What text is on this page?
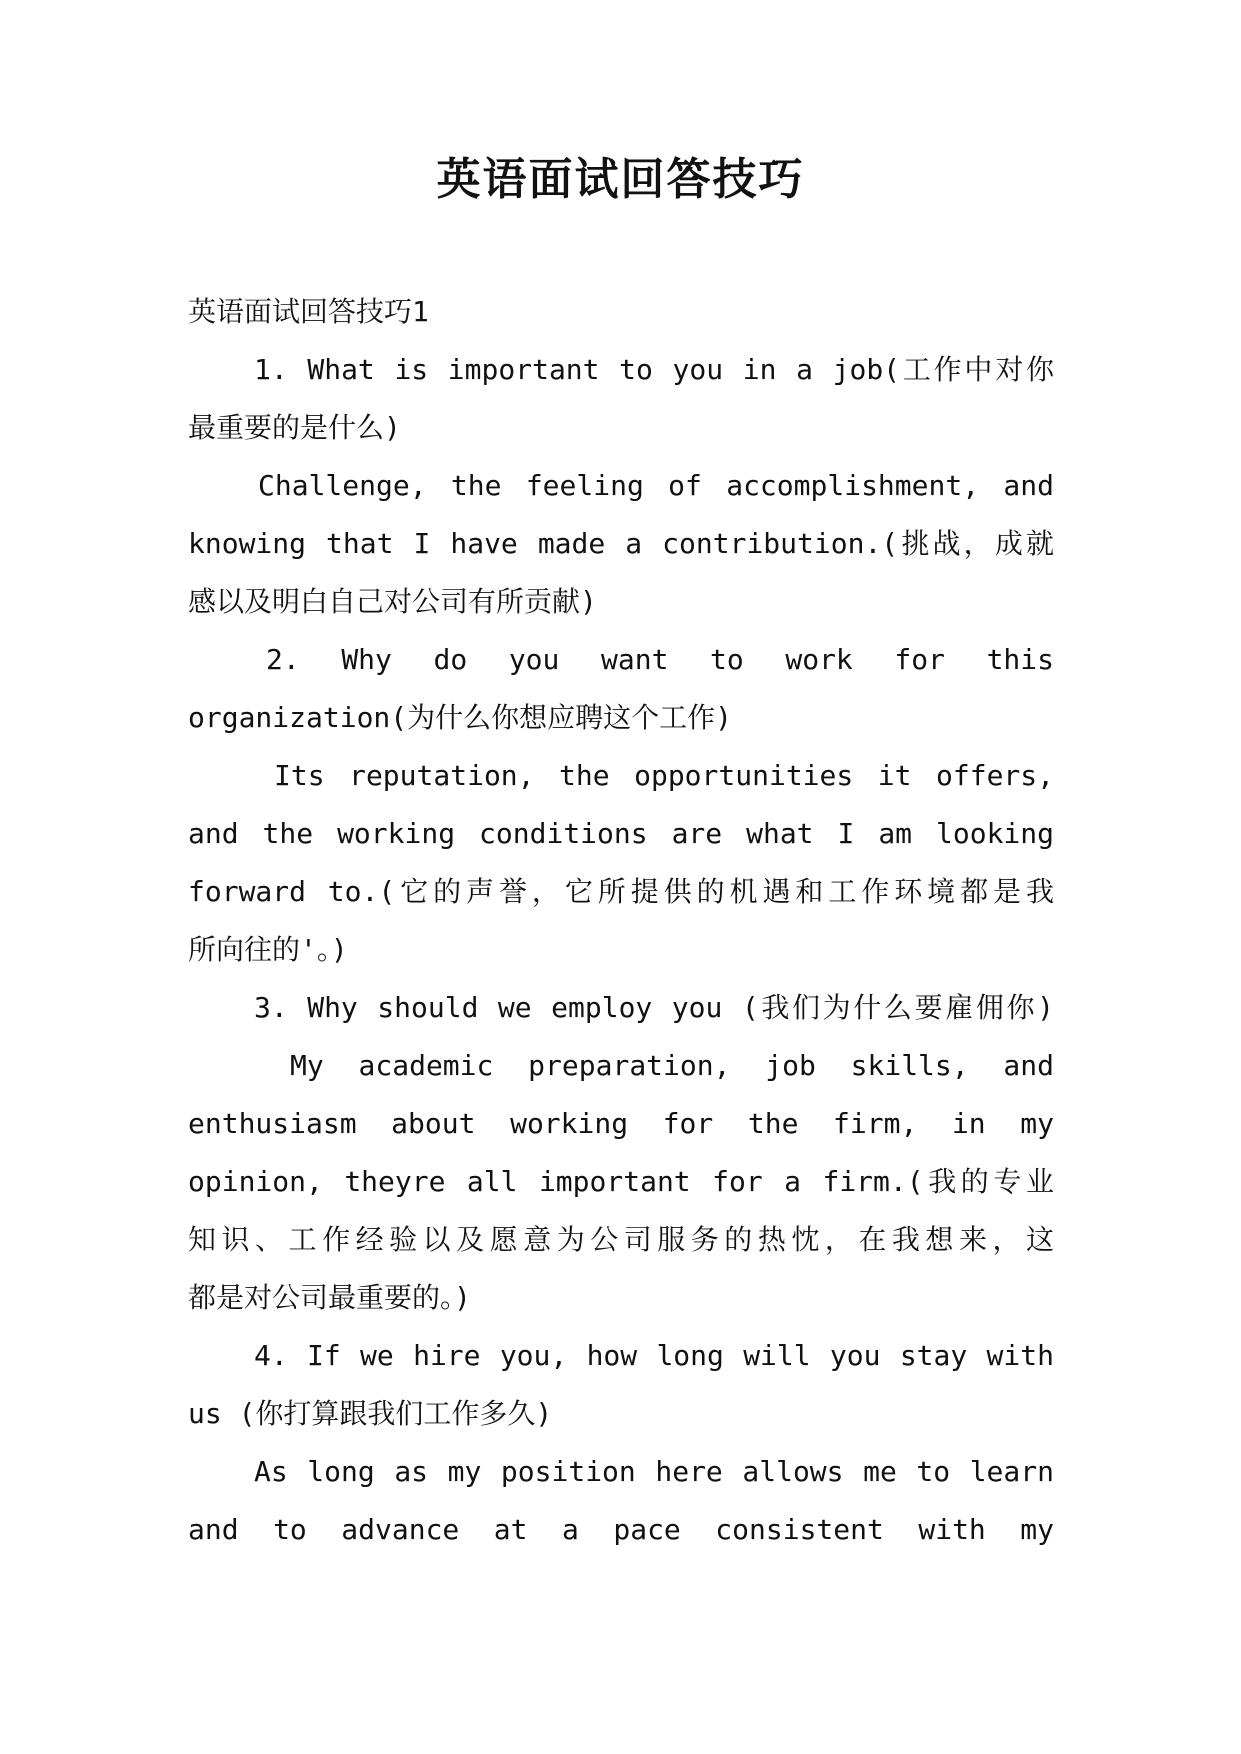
英语面试回答技巧
英语面试回答技巧1
1. What is important to you in a job(工作中对你
最重要的是什么)
Challenge, the feeling of accomplishment, and
knowing that I have made a contribution.(挑战，成就
感以及明白自己对公司有所贡献)
2. Why do you want to work for this
organization(为什么你想应聘这个工作)
Its reputation, the opportunities it offers,
and the working conditions are what I am looking
forward to.(它的声誉，它所提供的机遇和工作环境都是我
所向往的'。)
3. Why should we employ you (我们为什么要雇佣你)
My academic preparation, job skills, and
enthusiasm about working for the firm, in my
opinion, theyre all important for a firm.(我的专业
知识、工作经验以及愿意为公司服务的热忱，在我想来，这
都是对公司最重要的。)
4. If we hire you, how long will you stay with
us (你打算跟我们工作多久)
As long as my position here allows me to learn
and to advance at a pace consistent with my
